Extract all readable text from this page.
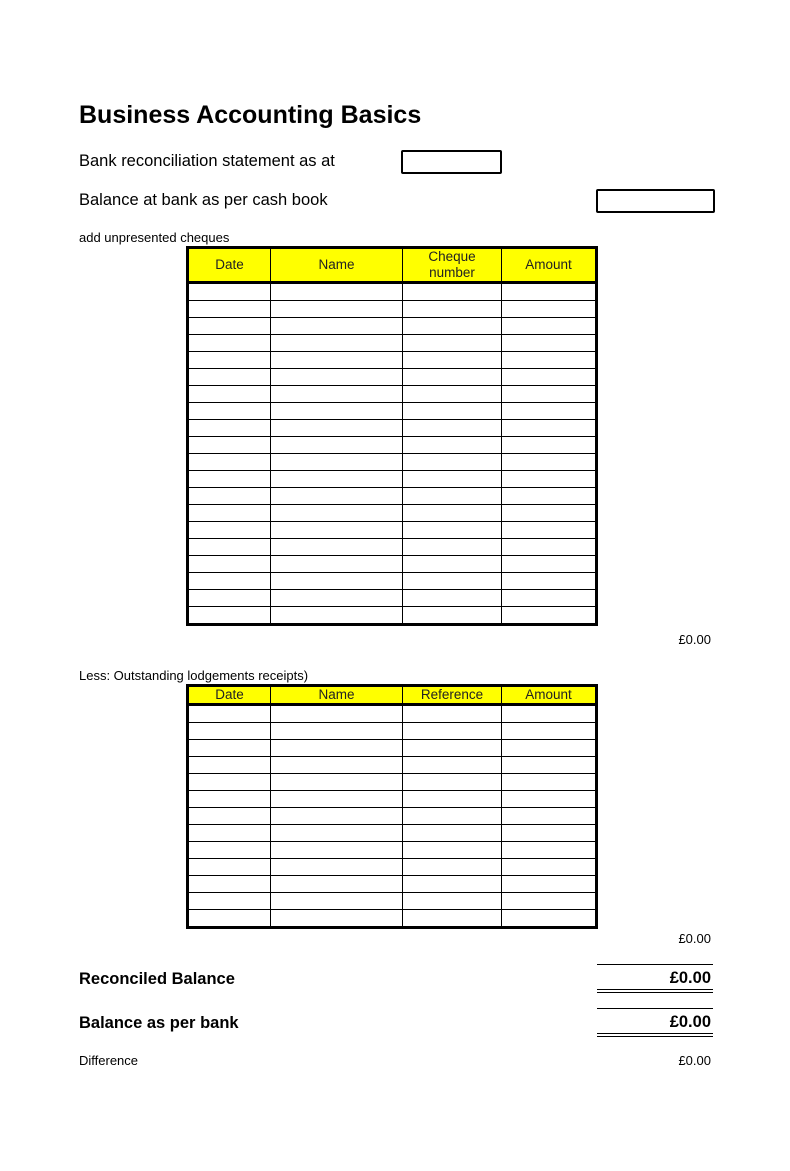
Business Accounting Basics
Bank reconciliation statement as at
Balance at bank as per cash book
add unpresented cheques
Date	Name	Cheque number	Amount

£0.00
Less: Outstanding lodgements receipts)
Date	Name	Reference	Amount

£0.00
Reconciled Balance	£0.00
Balance as per bank	£0.00
Difference	£0.00
